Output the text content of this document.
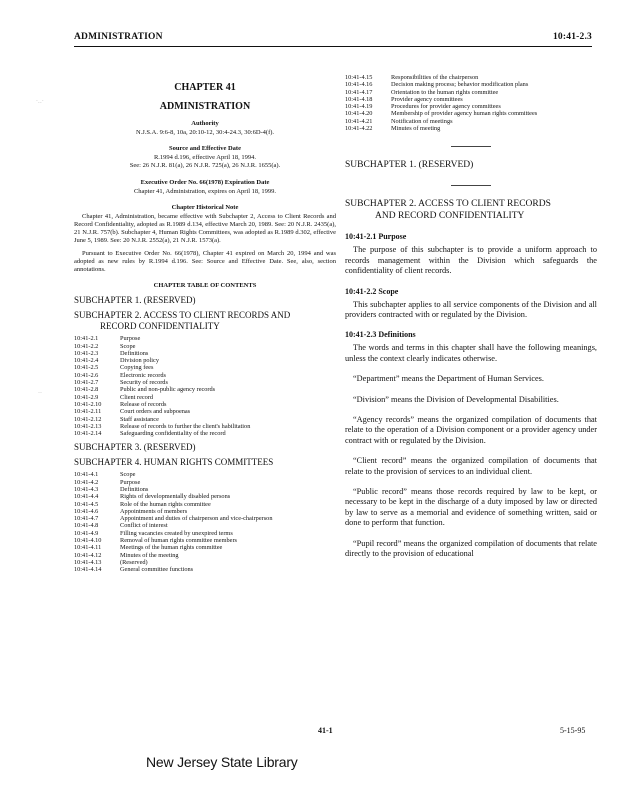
ADMINISTRATION	10:41-2.3
CHAPTER 41
ADMINISTRATION
Authority
N.J.S.A. 9:6-8, 10a, 20:10-12, 30:4-24.3, 30:6D-4(f).
Source and Effective Date
R.1994 d.196, effective April 18, 1994.
See: 26 N.J.R. 81(a), 26 N.J.R. 725(a), 26 N.J.R. 1655(a).
Executive Order No. 66(1978) Expiration Date
Chapter 41, Administration, expires on April 18, 1999.
Chapter Historical Note
Chapter 41, Administration, became effective with Subchapter 2, Access to Client Records and Record Confidentiality, adopted as R.1989 d.134, effective March 20, 1989. See: 20 N.J.R. 2435(a), 21 N.J.R. 757(b). Subchapter 4, Human Rights Committees, was adopted as R.1989 d.302, effective June 5, 1989. See: 20 N.J.R. 2552(a), 21 N.J.R. 1573(a).
Pursuant to Executive Order No. 66(1978), Chapter 41 expired on March 20, 1994 and was adopted as new rules by R.1994 d.196. See: Source and Effective Date. See, also, section annotations.
CHAPTER TABLE OF CONTENTS
SUBCHAPTER 1. (RESERVED)
SUBCHAPTER 2. ACCESS TO CLIENT RECORDS AND
RECORD CONFIDENTIALITY
10:41-2.1	Purpose
10:41-2.2	Scope
10:41-2.3	Definitions
10:41-2.4	Division policy
10:41-2.5	Copying fees
10:41-2.6	Electronic records
10:41-2.7	Security of records
10:41-2.8	Public and non-public agency records
10:41-2.9	Client record
10:41-2.10	Release of records
10:41-2.11	Court orders and subpoenas
10:41-2.12	Staff assistance
10:41-2.13	Release of records to further the client's habilitation
10:41-2.14	Safeguarding confidentiality of the record
SUBCHAPTER 3. (RESERVED)
SUBCHAPTER 4. HUMAN RIGHTS COMMITTEES
10:41-4.1	Scope
10:41-4.2	Purpose
10:41-4.3	Definitions
10:41-4.4	Rights of developmentally disabled persons
10:41-4.5	Role of the human rights committee
10:41-4.6	Appointments of members
10:41-4.7	Appointment and duties of chairperson and vice-chairperson
10:41-4.8	Conflict of interest
10:41-4.9	Filling vacancies created by unexpired terms
10:41-4.10	Removal of human rights committee members
10:41-4.11	Meetings of the human rights committee
10:41-4.12	Minutes of the meeting
10:41-4.13	(Reserved)
10:41-4.14	General committee functions
10:41-4.15	Responsibilities of the chairperson
10:41-4.16	Decision making process; behavior modification plans
10:41-4.17	Orientation to the human rights committee
10:41-4.18	Provider agency committees
10:41-4.19	Procedures for provider agency committees
10:41-4.20	Membership of provider agency human rights committees
10:41-4.21	Notification of meetings
10:41-4.22	Minutes of meeting
SUBCHAPTER 1. (RESERVED)
SUBCHAPTER 2. ACCESS TO CLIENT RECORDS
AND RECORD CONFIDENTIALITY
10:41-2.1 Purpose

The purpose of this subchapter is to provide a uniform approach to records management within the Division which safeguards the confidentiality of client records.

10:41-2.2 Scope

This subchapter applies to all service components of the Division and all providers contracted with or regulated by the Division.

10:41-2.3 Definitions

The words and terms in this chapter shall have the following meanings, unless the context clearly indicates otherwise.

“Department” means the Department of Human Services.

“Division” means the Division of Developmental Disabilities.

“Agency records” means the organized compilation of documents that relate to the operation of a Division component or a provider agency under contract with or regulated by the Division.

“Client record” means the organized compilation of documents that relate to the provision of services to an individual client.

“Public record” means those records required by law to be kept, or necessary to be kept in the discharge of a duty imposed by law or directed by law to serve as a memorial and evidence of something written, said or done to perform that function.

“Pupil record” means the organized compilation of documents that relate directly to the provision of educational

41-1	5-15-95
New Jersey State Library
·‥·
‥
